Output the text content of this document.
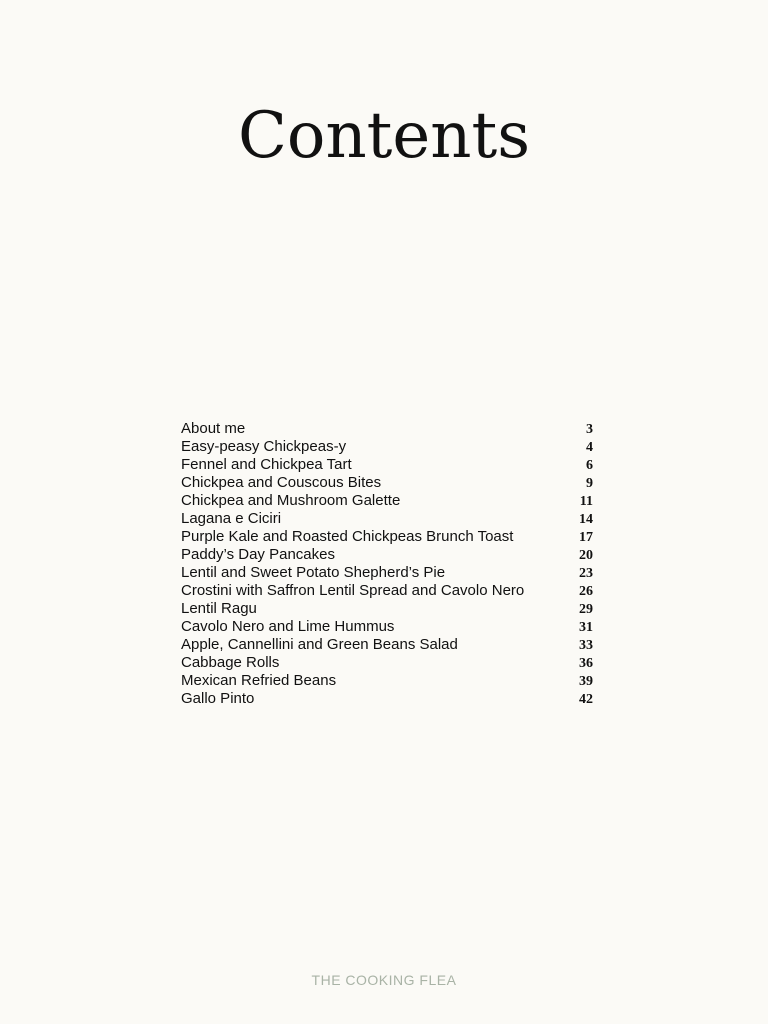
Contents
About me	3
Easy-peasy Chickpeas-y	4
Fennel and Chickpea Tart	6
Chickpea and Couscous Bites	9
Chickpea and Mushroom Galette	11
Lagana e Ciciri	14
Purple Kale and Roasted Chickpeas Brunch Toast	17
Paddy’s Day Pancakes	20
Lentil and Sweet Potato Shepherd’s Pie	23
Crostini with Saffron Lentil Spread and Cavolo Nero	26
Lentil Ragu	29
Cavolo Nero and Lime Hummus	31
Apple, Cannellini and Green Beans Salad	33
Cabbage Rolls	36
Mexican Refried Beans	39
Gallo Pinto	42
THE COOKING FLEA
